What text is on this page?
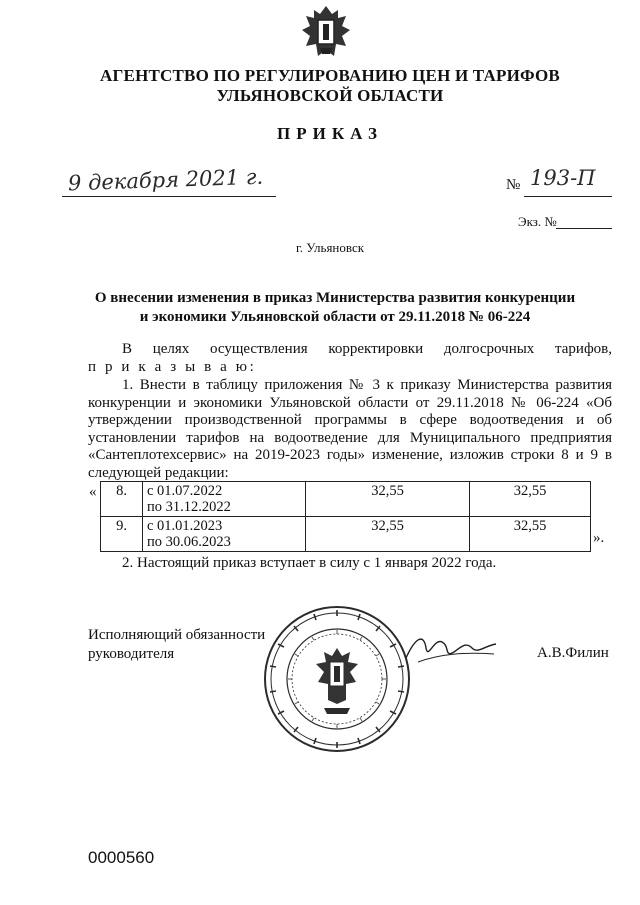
АГЕНТСТВО ПО РЕГУЛИРОВАНИЮ ЦЕН И ТАРИФОВ
УЛЬЯНОВСКОЙ ОБЛАСТИ
ПРИКАЗ
9 декабря 2021 г.	№ 193-П
Экз. №
г. Ульяновск
О внесении изменения в приказ Министерства развития конкуренции
и экономики Ульяновской области от 29.11.2018 № 06-224
В целях осуществления корректировки долгосрочных тарифов,
п р и к а з ы в а ю:
1. Внести в таблицу приложения № 3 к приказу Министерства развития конкуренции и экономики Ульяновской области от 29.11.2018 № 06-224 «Об утверждении производственной программы в сфере водоотведения и об установлении тарифов на водоотведение для Муниципального предприятия «Сантеплотехсервис» на 2019-2023 годы» изменение, изложив строки 8 и 9 в следующей редакции:
« 8.	с 01.07.2022
по 31.12.2022	32,55	32,55
9.	с 01.01.2023
по 30.06.2023	32,55	32,55
».
2. Настоящий приказ вступает в силу с 1 января 2022 года.
Исполняющий обязанности
руководителя	А.В.Филин
0000560
